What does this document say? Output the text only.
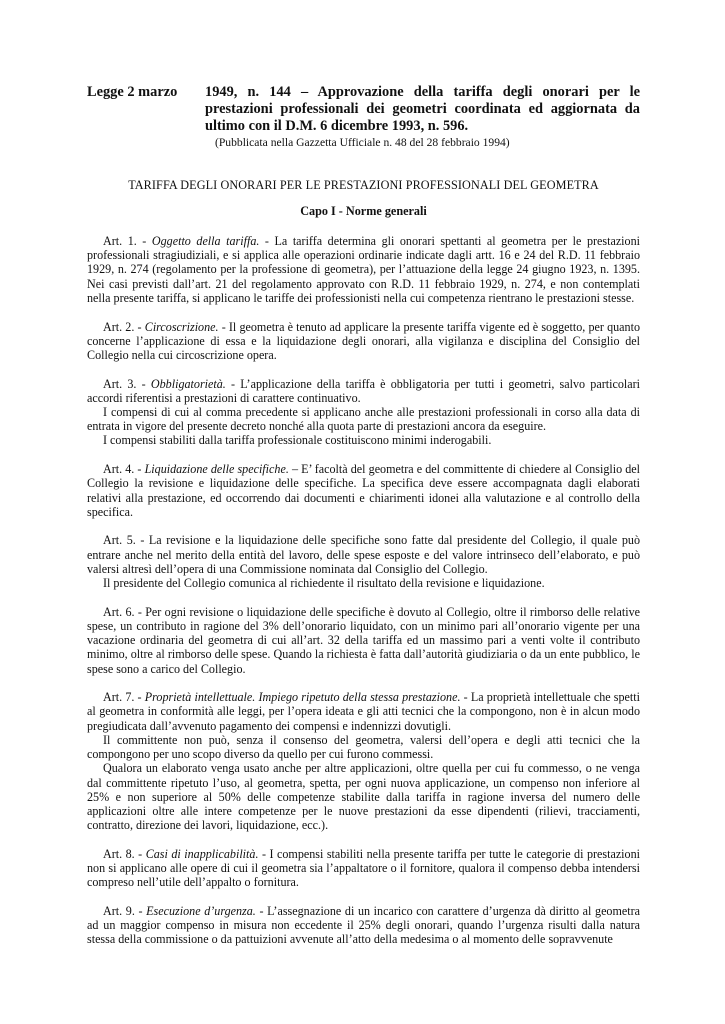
Legge 2 marzo	1949, n. 144 – Approvazione della tariffa degli onorari per le prestazioni professionali dei geometri coordinata ed aggiornata da ultimo con il D.M. 6 dicembre 1993, n. 596.
(Pubblicata nella Gazzetta Ufficiale n. 48 del 28 febbraio 1994)
TARIFFA DEGLI ONORARI PER LE PRESTAZIONI PROFESSIONALI DEL GEOMETRA
Capo I - Norme generali

Art. 1. - Oggetto della tariffa. - La tariffa determina gli onorari spettanti al geometra per le prestazioni professionali stragiudiziali, e si applica alle operazioni ordinarie indicate dagli artt. 16 e 24 del R.D. 11 febbraio 1929, n. 274 (regolamento per la professione di geometra), per l’attuazione della legge 24 giugno 1923, n. 1395. Nei casi previsti dall’art. 21 del regolamento approvato con R.D. 11 febbraio 1929, n. 274, e non contemplati nella presente tariffa, si applicano le tariffe dei professionisti nella cui competenza rientrano le prestazioni stesse.

Art. 2. - Circoscrizione. - Il geometra è tenuto ad applicare la presente tariffa vigente ed è soggetto, per quanto concerne l’applicazione di essa e la liquidazione degli onorari, alla vigilanza e disciplina del Consiglio del Collegio nella cui circoscrizione opera.

Art. 3. - Obbligatorietà. - L’applicazione della tariffa è obbligatoria per tutti i geometri, salvo particolari accordi riferentisi a prestazioni di carattere continuativo.

I compensi di cui al comma precedente si applicano anche alle prestazioni professionali in corso alla data di entrata in vigore del presente decreto nonché alla quota parte di prestazioni ancora da eseguire.

I compensi stabiliti dalla tariffa professionale costituiscono minimi inderogabili.

Art. 4. - Liquidazione delle specifiche. – E’ facoltà del geometra e del committente di chiedere al Consiglio del Collegio la revisione e liquidazione delle specifiche. La specifica deve essere accompagnata dagli elaborati relativi alla prestazione, ed occorrendo dai documenti e chiarimenti idonei alla valutazione e al controllo della specifica.

Art. 5. - La revisione e la liquidazione delle specifiche sono fatte dal presidente del Collegio, il quale può entrare anche nel merito della entità del lavoro, delle spese esposte e del valore intrinseco dell’elaborato, e può valersi altresì dell’opera di una Commissione nominata dal Consiglio del Collegio.

Il presidente del Collegio comunica al richiedente il risultato della revisione e liquidazione.

Art. 6. - Per ogni revisione o liquidazione delle specifiche è dovuto al Collegio, oltre il rimborso delle relative spese, un contributo in ragione del 3% dell’onorario liquidato, con un minimo pari all’onorario vigente per una vacazione ordinaria del geometra di cui all’art. 32 della tariffa ed un massimo pari a venti volte il contributo minimo, oltre al rimborso delle spese. Quando la richiesta è fatta dall’autorità giudiziaria o da un ente pubblico, le spese sono a carico del Collegio.

Art. 7. - Proprietà intellettuale. Impiego ripetuto della stessa prestazione. - La proprietà intellettuale che spetti al geometra in conformità alle leggi, per l’opera ideata e gli atti tecnici che la compongono, non è in alcun modo pregiudicata dall’avvenuto pagamento dei compensi e indennizzi dovutigli.

Il committente non può, senza il consenso del geometra, valersi dell’opera e degli atti tecnici che la compongono per uno scopo diverso da quello per cui furono commessi.

Qualora un elaborato venga usato anche per altre applicazioni, oltre quella per cui fu commesso, o ne venga dal committente ripetuto l’uso, al geometra, spetta, per ogni nuova applicazione, un compenso non inferiore al 25% e non superiore al 50% delle competenze stabilite dalla tariffa in ragione inversa del numero delle applicazioni oltre alle intere competenze per le nuove prestazioni da esse dipendenti (rilievi, tracciamenti, contratto, direzione dei lavori, liquidazione, ecc.).

Art. 8. - Casi di inapplicabilità. - I compensi stabiliti nella presente tariffa per tutte le categorie di prestazioni non si applicano alle opere di cui il geometra sia l’appaltatore o il fornitore, qualora il compenso debba intendersi compreso nell’utile dell’appalto o fornitura.

Art. 9. - Esecuzione d’urgenza. - L’assegnazione di un incarico con carattere d’urgenza dà diritto al geometra ad un maggior compenso in misura non eccedente il 25% degli onorari, quando l’urgenza risulti dalla natura stessa della commissione o da pattuizioni avvenute all’atto della medesima o al momento delle sopravvenute
